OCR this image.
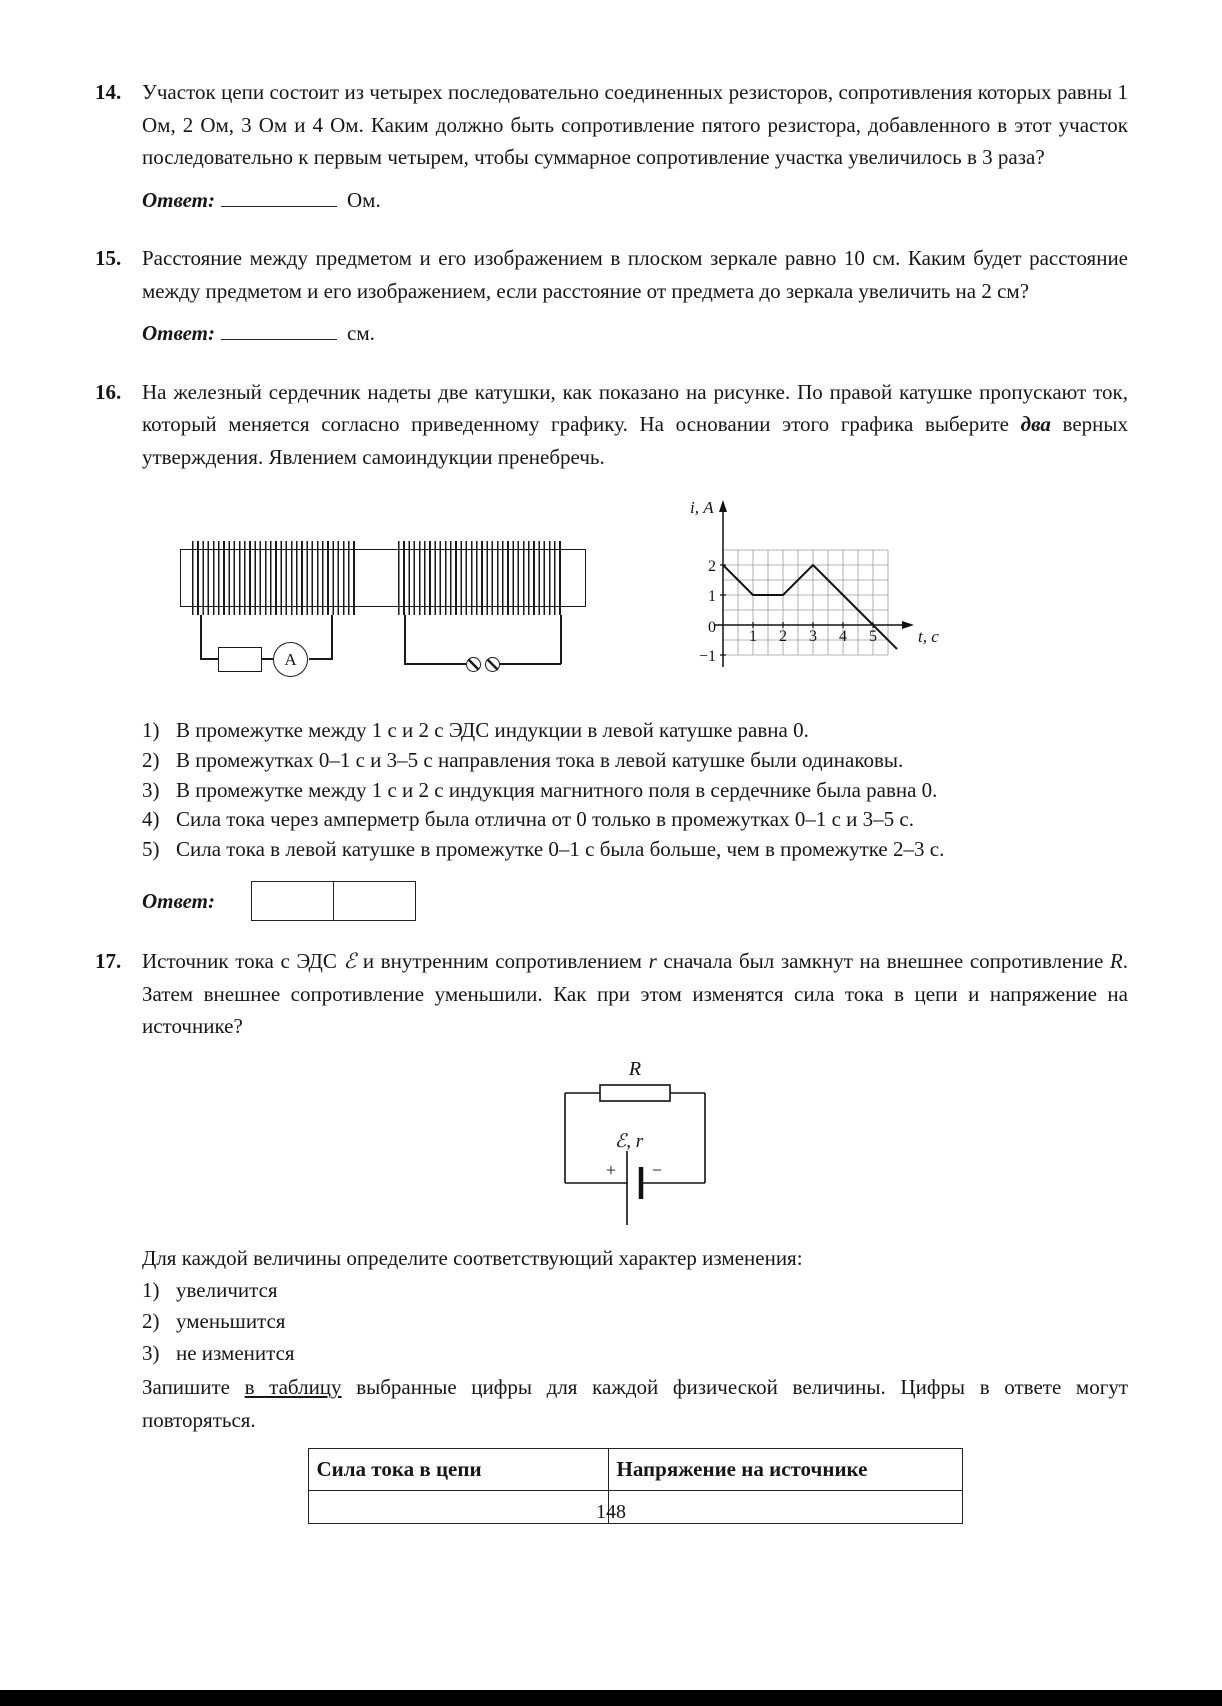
14. Участок цепи состоит из четырех последовательно соединенных резисторов, сопротивления которых равны 1 Ом, 2 Ом, 3 Ом и 4 Ом. Каким должно быть сопротивление пятого резистора, добавленного в этот участок последовательно к первым четырем, чтобы суммарное сопротивление участка увеличилось в 3 раза?
Ответ:	Ом.
15. Расстояние между предметом и его изображением в плоском зеркале равно 10 см. Каким будет расстояние между предметом и его изображением, если расстояние от предмета до зеркала увеличить на 2 см?
Ответ:	см.
16. На железный сердечник надеты две катушки, как показано на рисунке. По правой катушке пропускают ток, который меняется согласно приведенному графику. На основании этого графика выберите два верных утверждения. Явлением самоиндукции пренебречь.
А
i, А
2
1
0
−1
1 2 3 4 5 t, с
1) В промежутке между 1 с и 2 с ЭДС индукции в левой катушке равна 0.
2) В промежутках 0–1 с и 3–5 с направления тока в левой катушке были одинаковы.
3) В промежутке между 1 с и 2 с индукция магнитного поля в сердечнике была равна 0.
4) Сила тока через амперметр была отлична от 0 только в промежутках 0–1 с и 3–5 с.
5) Сила тока в левой катушке в промежутке 0–1 с была больше, чем в промежутке 2–3 с.
Ответ:
17. Источник тока с ЭДС ℰ и внутренним сопротивлением r сначала был замкнут на внешнее сопротивление R. Затем внешнее сопротивление уменьшили. Как при этом изменятся сила тока в цепи и напряжение на источнике?
R
ℰ, r
+ −
Для каждой величины определите соответствующий характер изменения:
1) увеличится
2) уменьшится
3) не изменится
Запишите в таблицу выбранные цифры для каждой физической величины. Цифры в ответе могут повторяться.
Сила тока в цепи	Напряжение на источнике

148
